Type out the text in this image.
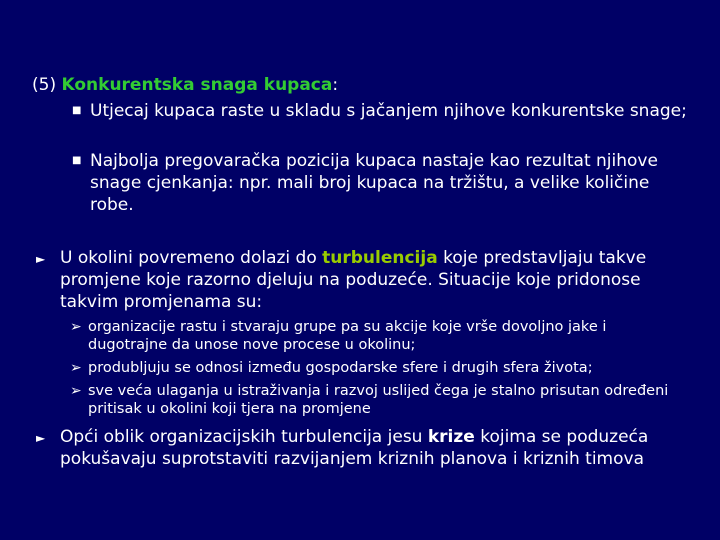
(5) Konkurentska snaga kupaca:
■ Utjecaj kupaca raste u skladu s jačanjem njihove konkurentske snage;
■ Najbolja pregovaračka pozicija kupaca nastaje kao rezultat njihove snage cjenkanja: npr. mali broj kupaca na tržištu, a velike količine robe.
► U okolini povremeno dolazi do turbulencija koje predstavljaju takve promjene koje razorno djeluju na poduzeće. Situacije koje pridonose takvim promjenama su:
➢ organizacije rastu i stvaraju grupe pa su akcije koje vrše dovoljno jake i dugotrajne da unose nove procese u okolinu;
➢ produbljuju se odnosi između gospodarske sfere i drugih sfera života;
➢ sve veća ulaganja u istraživanja i razvoj uslijed čega je stalno prisutan određeni pritisak u okolini koji tjera na promjene
► Opći oblik organizacijskih turbulencija jesu krize kojima se poduzeća pokušavaju suprotstaviti razvijanjem kriznih planova i kriznih timova
